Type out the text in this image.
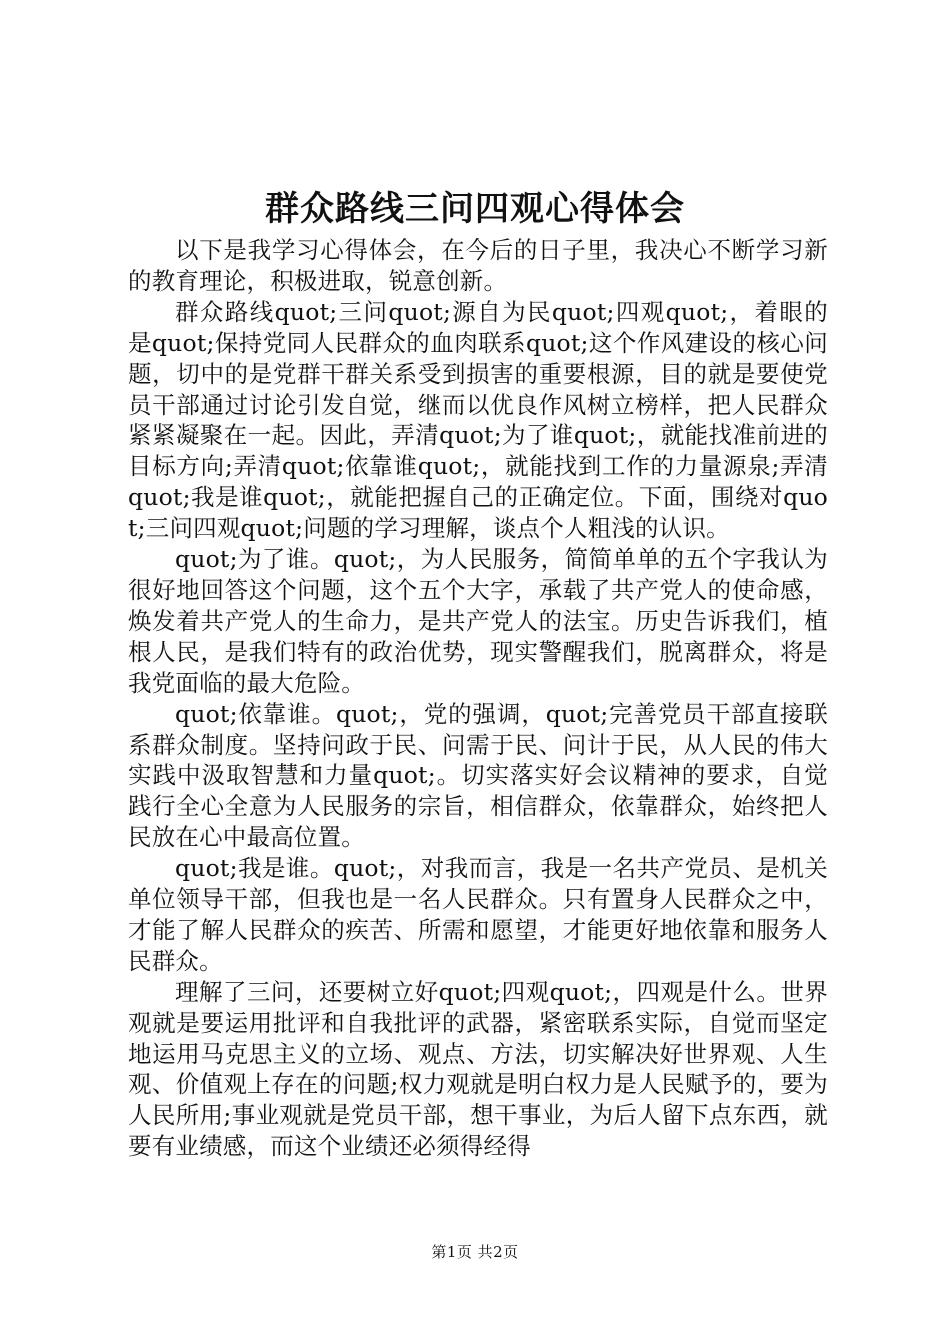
群众路线三问四观心得体会

以下是我学习心得体会，在今后的日子里，我决心不断学习新的教育理论，积极进取，锐意创新。

群众路线quot;三问quot;源自为民quot;四观quot;，着眼的是quot;保持党同人民群众的血肉联系quot;这个作风建设的核心问题，切中的是党群干群关系受到损害的重要根源，目的就是要使党员干部通过讨论引发自觉，继而以优良作风树立榜样，把人民群众紧紧凝聚在一起。因此，弄清quot;为了谁quot;，就能找准前进的目标方向;弄清quot;依靠谁quot;，就能找到工作的力量源泉;弄清quot;我是谁quot;，就能把握自己的正确定位。下面，围绕对quot;三问四观quot;问题的学习理解，谈点个人粗浅的认识。

quot;为了谁。quot;，为人民服务，简简单单的五个字我认为很好地回答这个问题，这个五个大字，承载了共产党人的使命感，焕发着共产党人的生命力，是共产党人的法宝。历史告诉我们，植根人民，是我们特有的政治优势，现实警醒我们，脱离群众，将是我党面临的最大危险。

quot;依靠谁。quot;，党的强调，quot;完善党员干部直接联系群众制度。坚持问政于民、问需于民、问计于民，从人民的伟大实践中汲取智慧和力量quot;。切实落实好会议精神的要求，自觉践行全心全意为人民服务的宗旨，相信群众，依靠群众，始终把人民放在心中最高位置。

quot;我是谁。quot;，对我而言，我是一名共产党员、是机关单位领导干部，但我也是一名人民群众。只有置身人民群众之中，才能了解人民群众的疾苦、所需和愿望，才能更好地依靠和服务人民群众。

理解了三问，还要树立好quot;四观quot;，四观是什么。世界观就是要运用批评和自我批评的武器，紧密联系实际，自觉而坚定地运用马克思主义的立场、观点、方法，切实解决好世界观、人生观、价值观上存在的问题;权力观就是明白权力是人民赋予的，要为人民所用;事业观就是党员干部，想干事业，为后人留下点东西，就要有业绩感，而这个业绩还必须得经得

第1页 共2页
